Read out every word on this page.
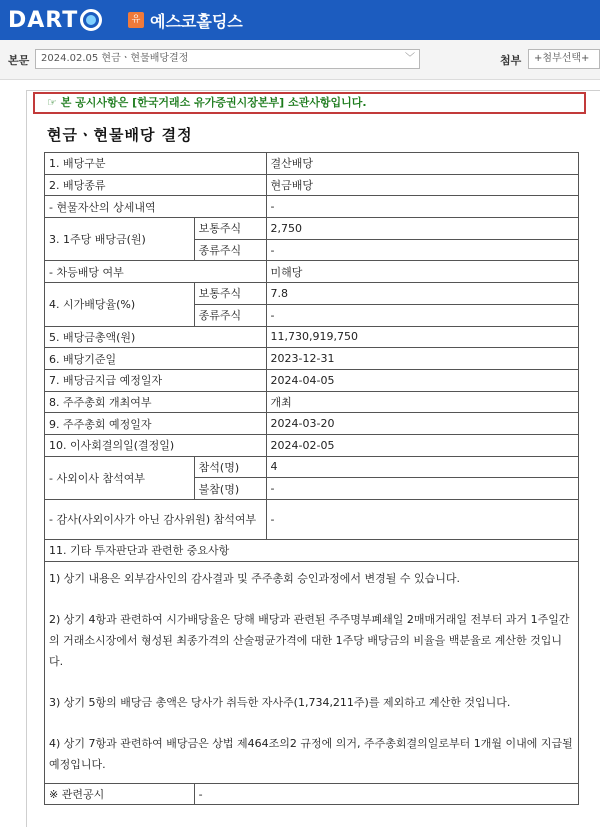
DART	유 예스코홀딩스
본문	2024.02.05 현금ㆍ현물배당결정	﹀	첨부	+첨부선택+
☞ 본 공시사항은 [한국거래소 유가증권시장본부] 소관사항입니다.
현금ㆍ현물배당 결정
1. 배당구분		결산배당
2. 배당종류		현금배당
- 현물자산의 상세내역		-
3. 1주당 배당금(원)	보통주식	2,750
	종류주식	-
- 차등배당 여부		미해당
4. 시가배당율(%)	보통주식	7.8
	종류주식	-
5. 배당금총액(원)		11,730,919,750
6. 배당기준일		2023-12-31
7. 배당금지급 예정일자		2024-04-05
8. 주주총회 개최여부		개최
9. 주주총회 예정일자		2024-03-20
10. 이사회결의일(결정일)		2024-02-05
- 사외이사 참석여부	참석(명)	4
	불참(명)	-
- 감사(사외이사가 아닌 감사위원) 참석여부		-
11. 기타 투자판단과 관련한 중요사항		

1) 상기 내용은 외부감사인의 감사결과 및 주주총회 승인과정에서 변경될 수 있습니다.

2) 상기 4항과 관련하여 시가배당율은 당해 배당과 관련된 주주명부폐쇄일 2매매거래일 전부터 과거 1주일간의 거래소시장에서 형성된 최종가격의 산술평균가격에 대한 1주당 배당금의 비율을 백분율로 계산한 것입니다.

3) 상기 5항의 배당금 총액은 당사가 취득한 자사주(1,734,211주)를 제외하고 계산한 것입니다.

4) 상기 7항과 관련하여 배당금은 상법 제464조의2 규정에 의거, 주주총회결의일로부터 1개월 이내에 지급될 예정입니다.		

※ 관련공시	-	
